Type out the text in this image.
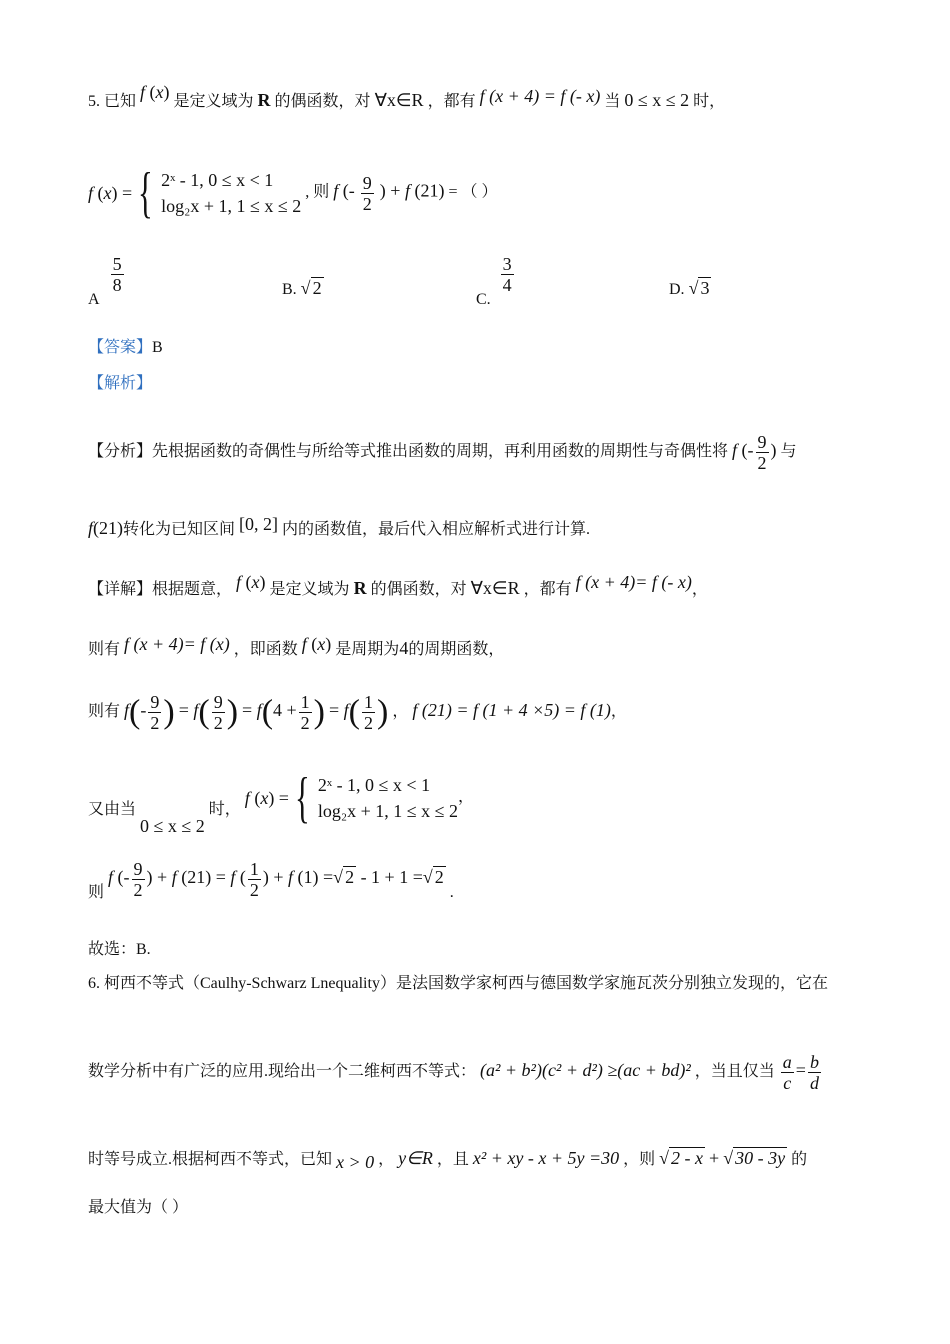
5. 已知 f (x) 是定义域为 R 的偶函数，对 ∀x∈R ，都有 f (x + 4) = f (- x) 当 0 ≤ x ≤ 2 时，
f (x) = { 2ˣ - 1, 0 ≤ x < 1
log₂x + 1, 1 ≤ x ≤ 2
, 则 f (- $\frac{9}{2}$ ) + f (21) = （ ）
A
$\frac{5}{8}$	B. √ 2
C.
$\frac{3}{4}$	D. √ 3
【答案】B
【解析】
【分析】先根据函数的奇偶性与所给等式推出函数的周期，再利用函数的周期性与奇偶性将 f (- $\frac{9}{2}$ ) 与
f(21)转化为已知区间 [0, 2] 内的函数值，最后代入相应解析式进行计算.
【详解】根据题意， f (x) 是定义域为 R 的偶函数，对 ∀x∈R ，都有 f (x + 4)= f (- x)，
则有 f (x + 4)= f (x) ，即函数 f (x) 是周期为4的周期函数，
则有 $f(- \frac{9}{2}$ ) = $f( \frac{9}{2}$ ) = $f(4 + \frac{1}{2}$ ) = $f( \frac{1}{2}$ ) ， f (21) = f (1 + 4 ×5) = f (1)，
又由当 0 ≤ x ≤ 2 时，
f (x) = { 2ˣ - 1, 0 ≤ x < 1
log₂x + 1, 1 ≤ x ≤ 2
，
则 f (- $\frac{9}{2}$ ) + f (21) = f ( $\frac{1}{2}$ ) + f (1) =√ 2 - 1 + 1 =√ 2 .
故选：B.
6. 柯西不等式（Caulhy-Schwarz Lnequality）是法国数学家柯西与德国数学家施瓦茨分别独立发现的，它在
数学分析中有广泛的应用.现给出一个二维柯西不等式： (a² + b²)(c² + d²) ≥(ac + bd)² ，当且仅当 $\frac{a}{c} = \frac{b}{d}$
时等号成立.根据柯西不等式，已知 x > 0 ， y∈R ，且 x² + xy - x + 5y =30 ，则 √ 2 - x + √ 30 - 3y 的
最大值为（ ）
